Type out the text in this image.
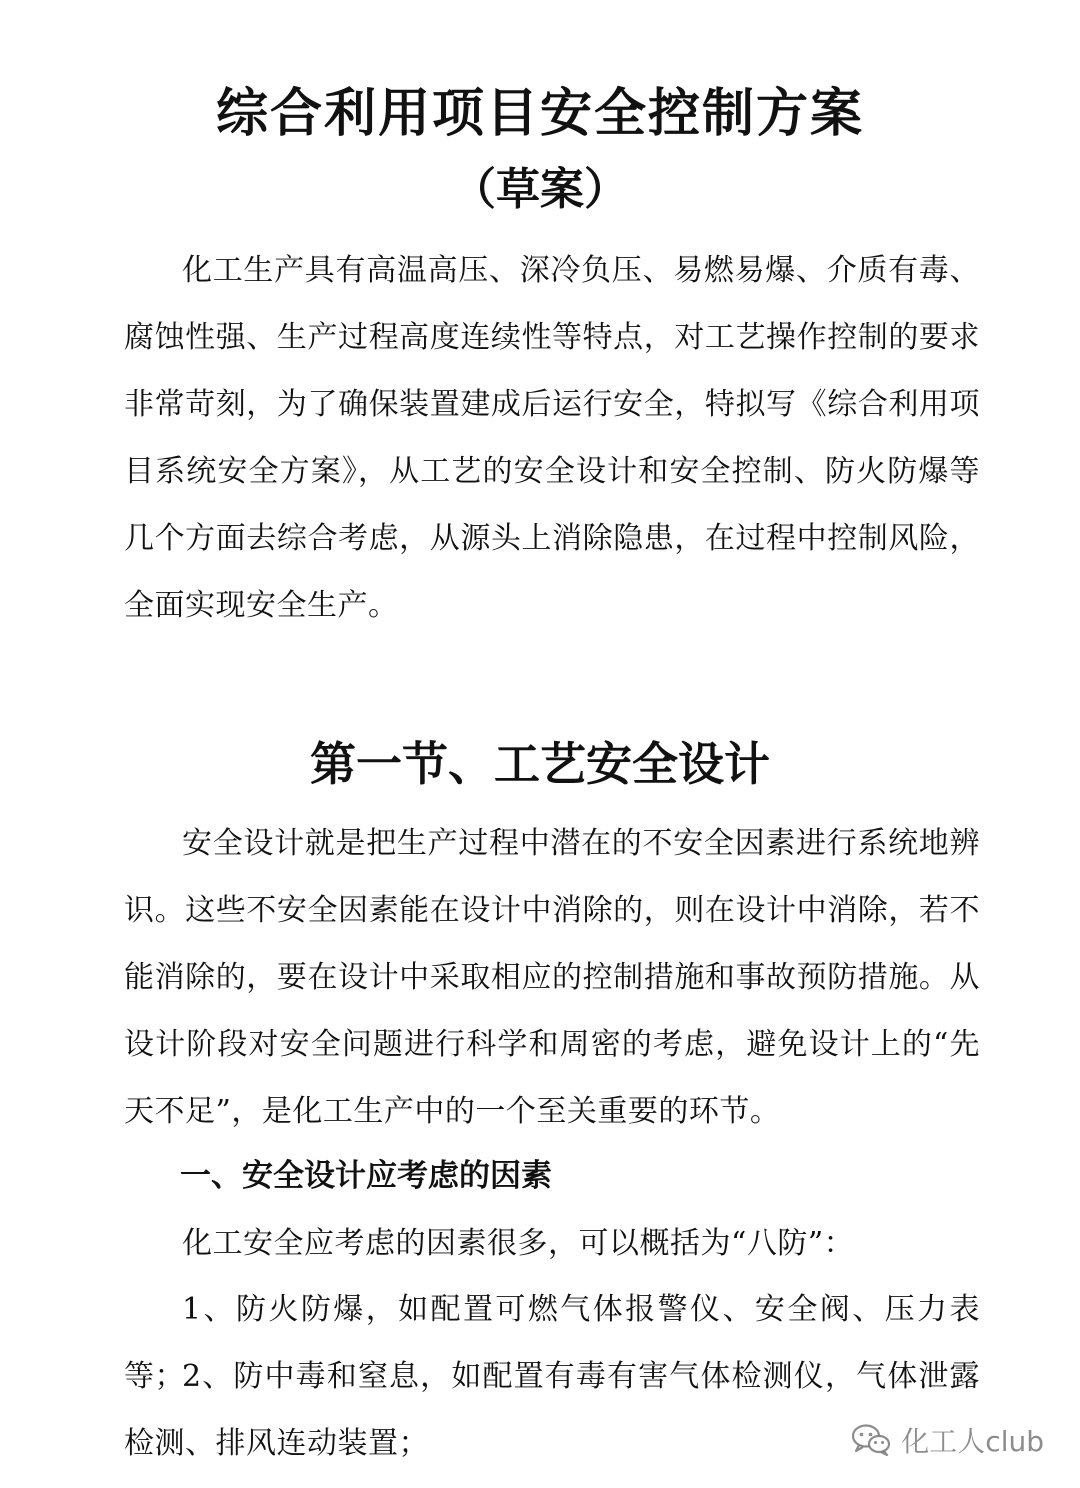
综合利用项目安全控制方案
（草案）

化工生产具有高温高压、深冷负压、易燃易爆、介质有毒、腐蚀性强、生产过程高度连续性等特点，对工艺操作控制的要求非常苛刻，为了确保装置建成后运行安全，特拟写《综合利用项目系统安全方案》，从工艺的安全设计和安全控制、防火防爆等几个方面去综合考虑，从源头上消除隐患，在过程中控制风险，全面实现安全生产。

第一节、工艺安全设计

安全设计就是把生产过程中潜在的不安全因素进行系统地辨识。这些不安全因素能在设计中消除的，则在设计中消除，若不能消除的，要在设计中采取相应的控制措施和事故预防措施。从设计阶段对安全问题进行科学和周密的考虑，避免设计上的“先天不足”，是化工生产中的一个至关重要的环节。

一、安全设计应考虑的因素

化工安全应考虑的因素很多，可以概括为“八防”：

1、防火防爆，如配置可燃气体报警仪、安全阀、压力表等；

2、防中毒和窒息，如配置有毒有害气体检测仪，气体泄露检测、排风连动装置；	化工人club
